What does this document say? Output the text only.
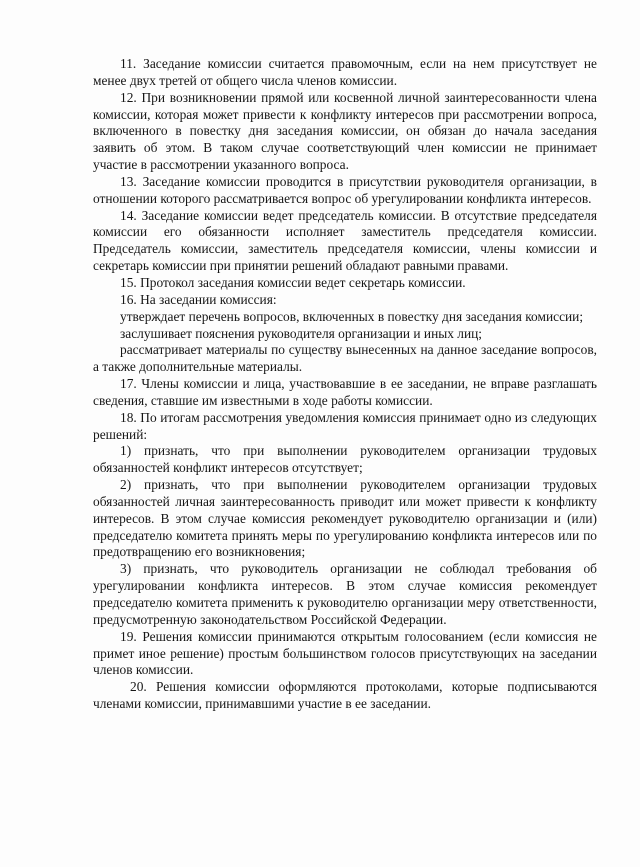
11. Заседание комиссии считается правомочным, если на нем присутствует не менее двух третей от общего числа членов комиссии.

12. При возникновении прямой или косвенной личной заинтересованности члена комиссии, которая может привести к конфликту интересов при рассмотрении вопроса, включенного в повестку дня заседания комиссии, он обязан до начала заседания заявить об этом. В таком случае соответствующий член комиссии не принимает участие в рассмотрении указанного вопроса.

13. Заседание комиссии проводится в присутствии руководителя организации, в отношении которого рассматривается вопрос об урегулировании конфликта интересов.

14. Заседание комиссии ведет председатель комиссии. В отсутствие председателя комиссии его обязанности исполняет заместитель председателя комиссии. Председатель комиссии, заместитель председателя комиссии, члены комиссии и секретарь комиссии при принятии решений обладают равными правами.

15. Протокол заседания комиссии ведет секретарь комиссии.

16. На заседании комиссия:

утверждает перечень вопросов, включенных в повестку дня заседания комиссии;

заслушивает пояснения руководителя организации и иных лиц;

рассматривает материалы по существу вынесенных на данное заседание вопросов, а также дополнительные материалы.

17. Члены комиссии и лица, участвовавшие в ее заседании, не вправе разглашать сведения, ставшие им известными в ходе работы комиссии.

18. По итогам рассмотрения уведомления комиссия принимает одно из следующих решений:

1) признать, что при выполнении руководителем организации трудовых обязанностей конфликт интересов отсутствует;

2) признать, что при выполнении руководителем организации трудовых обязанностей личная заинтересованность приводит или может привести к конфликту интересов. В этом случае комиссия рекомендует руководителю организации и (или) председателю комитета принять меры по урегулированию конфликта интересов или по предотвращению его возникновения;

3) признать, что руководитель организации не соблюдал требования об урегулировании конфликта интересов. В этом случае комиссия рекомендует председателю комитета применить к руководителю организации меру ответственности, предусмотренную законодательством Российской Федерации.

19. Решения комиссии принимаются открытым голосованием (если комиссия не примет иное решение) простым большинством голосов присутствующих на заседании членов комиссии.

20. Решения комиссии оформляются протоколами, которые подписываются членами комиссии, принимавшими участие в ее заседании.
